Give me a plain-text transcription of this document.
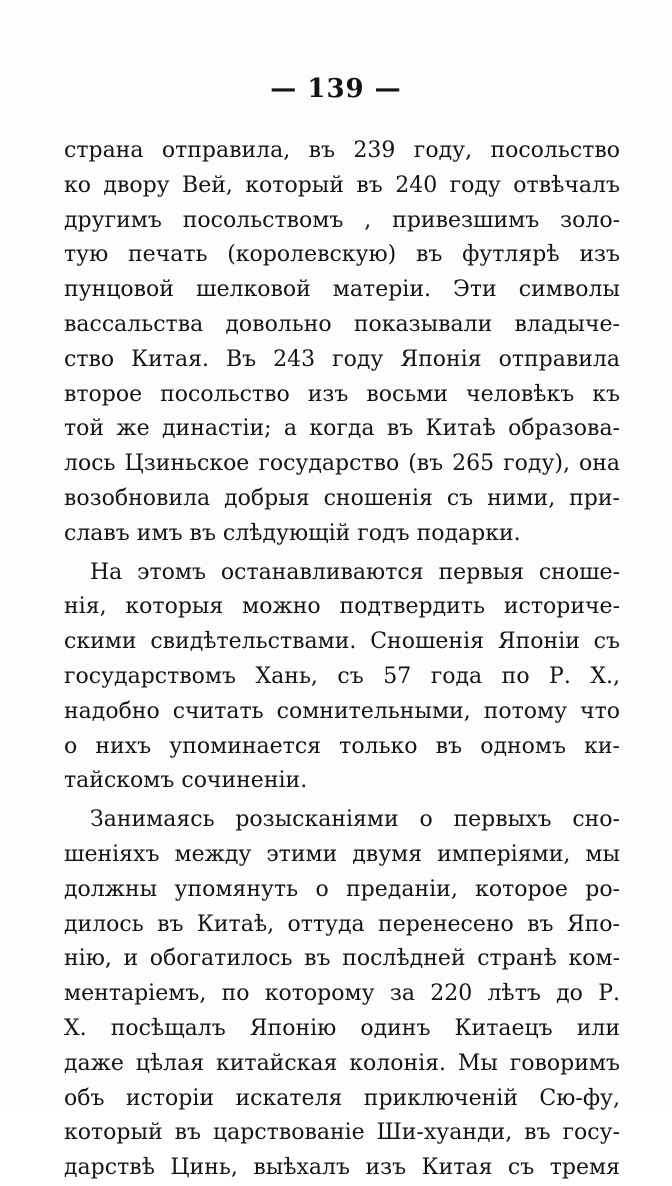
— 139 —
страна отправила, въ 239 году, посольство
ко двору Вей, который въ 240 году отвѣчалъ
другимъ посольствомъ , привезшимъ золо-
тую печать (королевскую) въ футлярѣ изъ
пунцовой шелковой матеріи. Эти символы
вассальства довольно показывали владыче-
ство Китая. Въ 243 году Японія отправила
второе посольство изъ восьми человѣкъ къ
той же династіи; а когда въ Китаѣ образова-
лось Цзиньское государство (въ 265 году), она
возобновила добрыя сношенія съ ними, при-
славъ имъ въ слѣдующій годъ подарки.
На этомъ останавливаются первыя сноше-
нія, которыя можно подтвердить историче-
скими свидѣтельствами. Сношенія Японіи съ
государствомъ Хань, съ 57 года по Р. Х.,
надобно считать сомнительными, потому что
о нихъ упоминается только въ одномъ ки-
тайскомъ сочиненіи.
Занимаясь розысканіями о первыхъ сно-
шеніяхъ между этими двумя имперіями, мы
должны упомянуть о преданіи, которое ро-
дилось въ Китаѣ, оттуда перенесено въ Япо-
нію, и обогатилось въ послѣдней странѣ ком-
ментаріемъ, по которому за 220 лѣтъ до Р.
Х. посѣщалъ Японію одинъ Китаецъ или
даже цѣлая китайская колонія. Мы говоримъ
объ исторіи искателя приключеній Сю-фу,
который въ царствованіе Ши-хуанди, въ госу-
дарствѣ Цинь, выѣхалъ изъ Китая съ тремя
